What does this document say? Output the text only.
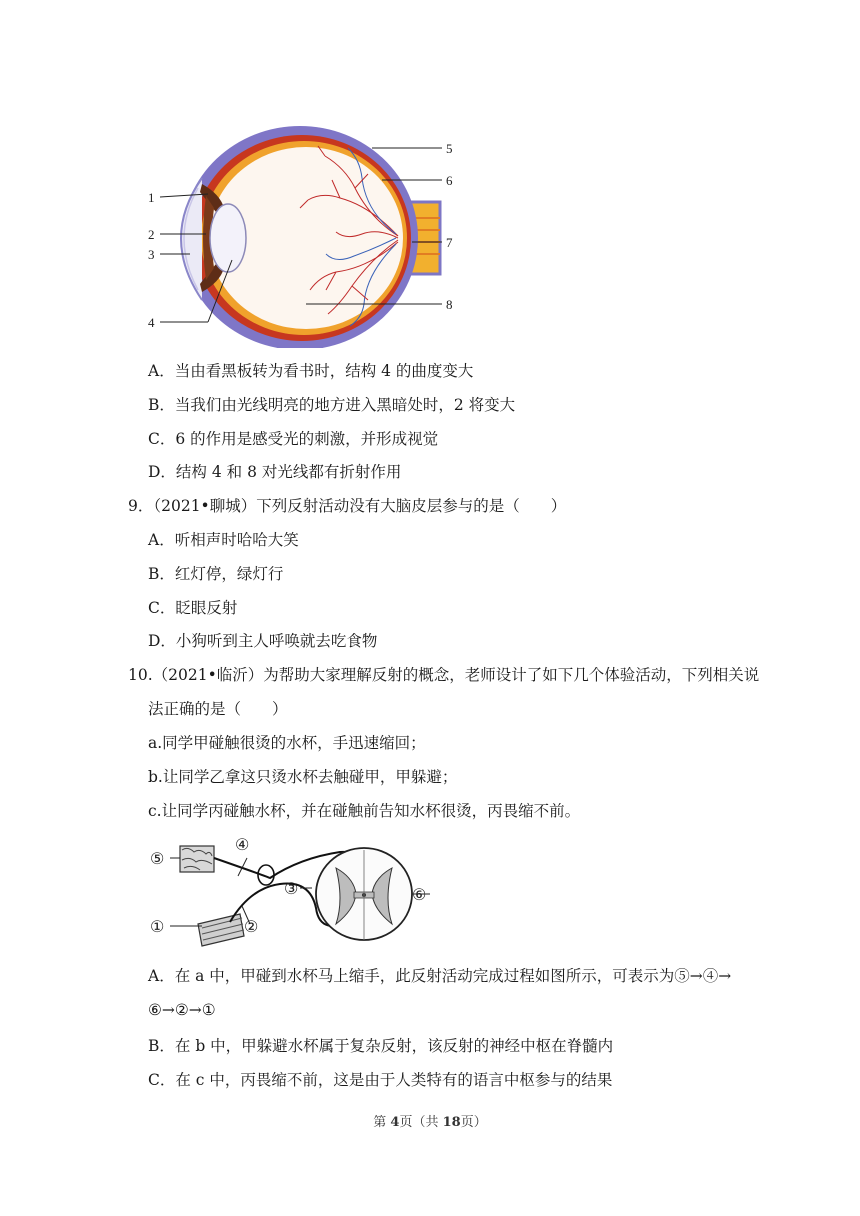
1
2
3
4
5
6
7
8
A．当由看黑板转为看书时，结构 4 的曲度变大
B．当我们由光线明亮的地方进入黑暗处时，2 将变大
C．6 的作用是感受光的刺激，并形成视觉
D．结构 4 和 8 对光线都有折射作用
9．（2021•聊城）下列反射活动没有大脑皮层参与的是（　　）
A．听相声时哈哈大笑
B．红灯停，绿灯行
C．眨眼反射
D．小狗听到主人呼唤就去吃食物
10.（2021•临沂）为帮助大家理解反射的概念，老师设计了如下几个体验活动，下列相关说
法正确的是（　　）
a.同学甲碰触很烫的水杯，手迅速缩回；
b.让同学乙拿这只烫水杯去触碰甲，甲躲避；
c.让同学丙碰触水杯，并在碰触前告知水杯很烫，丙畏缩不前。
⑤
④
③	⑥
①	②
A．在 a 中，甲碰到水杯马上缩手，此反射活动完成过程如图所示，可表示为⑤→④→
⑥→②→①
B．在 b 中，甲躲避水杯属于复杂反射，该反射的神经中枢在脊髓内
C．在 c 中，丙畏缩不前，这是由于人类特有的语言中枢参与的结果
第 4页（共 18页）
